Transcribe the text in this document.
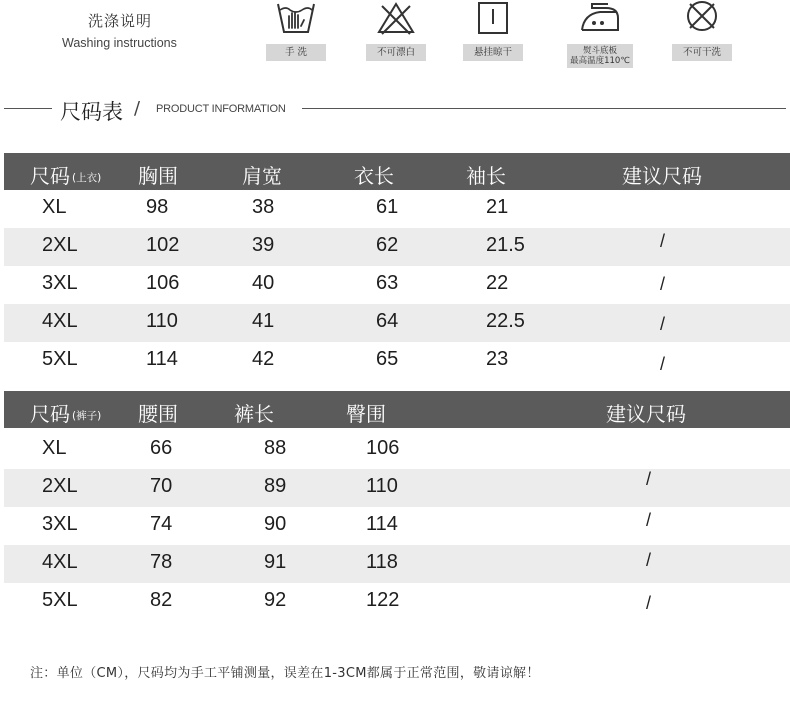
洗涤说明
Washing instructions
手 洗	不可漂白	悬挂晾干	熨斗底板
最高温度110℃
不可干洗
尺码表 / PRODUCT INFORMATION
尺码 (上衣) 胸围	肩宽	衣长	袖长	建议尺码
XL	98	38	61	21
2XL	102	39	62	21.5	/
3XL	106	40	63	22	/
4XL	110	41	64	22.5	/
5XL	114	42	65	23	/
尺码 (裤子) 腰围	裤长	臀围	建议尺码
XL	66	88	106
2XL	70	89	110	/
3XL	74	90	114	/
4XL	78	91	118	/
5XL	82	92	122	/
注：单位（CM），尺码均为手工平铺测量，误差在1-3CM都属于正常范围，敬请谅解！
